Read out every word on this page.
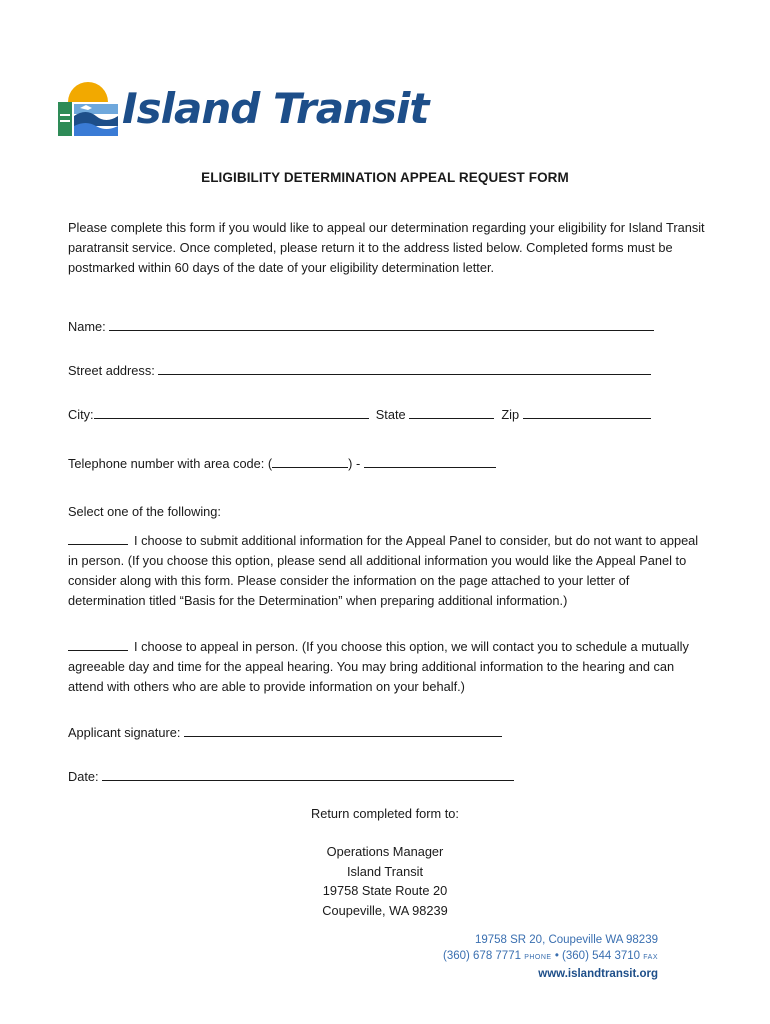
Island Transit
ELIGIBILITY DETERMINATION APPEAL REQUEST FORM
Please complete this form if you would like to appeal our determination regarding your eligibility for Island Transit paratransit service. Once completed, please return it to the address listed below. Completed forms must be postmarked within 60 days of the date of your eligibility determination letter.
Name:
Street address:
City:	State	Zip
Telephone number with area code: (	) -
Select one of the following:
I choose to submit additional information for the Appeal Panel to consider, but do not want to appeal in person. (If you choose this option, please send all additional information you would like the Appeal Panel to consider along with this form. Please consider the information on the page attached to your letter of determination titled “Basis for the Determination” when preparing additional information.)
I choose to appeal in person. (If you choose this option, we will contact you to schedule a mutually agreeable day and time for the appeal hearing. You may bring additional information to the hearing and can attend with others who are able to provide information on your behalf.)
Applicant signature:
Date:
Return completed form to:
Operations Manager
Island Transit
19758 State Route 20
Coupeville, WA 98239
19758 SR 20, Coupeville WA 98239
(360) 678 7771 PHONE • (360) 544 3710 FAX
www.islandtransit.org
